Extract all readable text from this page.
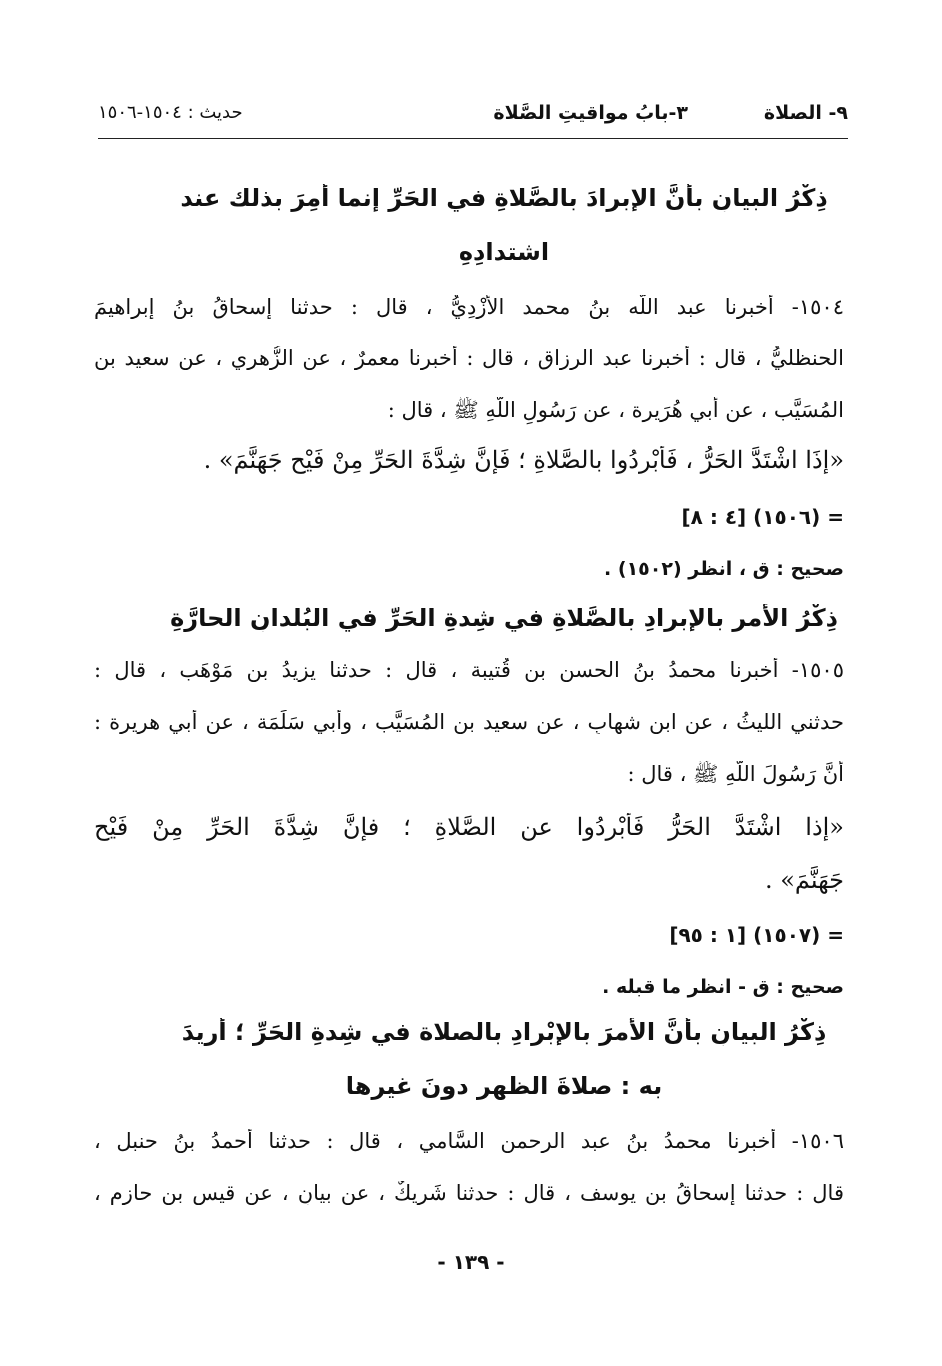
٩- الصلاة
٣-بابُ مواقيتِ الصَّلاة
حديث : ١٥٠٤-١٥٠٦
ذِكْرُ البيانِ بأنَّ الإِبرادَ بالصَّلاةِ في الحَرِّ إنما أُمِرَ بذلك عند
اشتدادِهِ
١٥٠٤- أخبرنا عبد اللَّه بنُ محمد الأزْدِيُّ ، قال : حدثنا إسحاقُ بنُ إبراهيمَ
الحنظليُّ ، قال : أخبرنا عبد الرزاق ، قال : أخبرنا معمرٌ ، عن الزُّهري ، عن سعيد بن
المُسَيَّب ، عن أبي هُرَيرة ، عن رَسُولِ اللَّهِ ﷺ ، قال :
«إِذَا اشْتَدَّ الحَرُّ ، فَأَبْرِدُوا بالصَّلاةِ ؛ فَإِنَّ شِدَّةَ الحَرِّ مِنْ فَيْحِ جَهَنَّمَ» .
= (١٥٠٦) [٤ : ٨]
صحيح : ق ، انظر (١٥٠٢) .
ذِكْرُ الأمرِ بالإِبرادِ بالصَّلاةِ في شِدةِ الحَرِّ في البُلدانِ الحارَّةِ
١٥٠٥- أخبرنا محمدُ بنُ الحسن بن قُتيبة ، قال : حدثنا يزيدُ بن مَوْهَب ، قال :
حدثني الليثُ ، عن ابن شهابٍ ، عن سعيد بن المُسَيَّب ، وأبي سَلَمَة ، عن أبي هريرة :
أَنَّ رَسُولَ اللَّهِ ﷺ ، قال :
«إذا اشْتَدَّ الحَرُّ فَأَبْرِدُوا عن الصَّلاةِ ؛ فإنَّ شِدَّةَ الحَرِّ مِنْ فَيْحِ
جَهَنَّمَ» .
= (١٥٠٧) [١ : ٩٥]
صحيح : ق - انظر ما قبله .
ذِكْرُ البيانِ بأنَّ الأمرَ بالإِبْرادِ بالصلاة في شِدةِ الحَرِّ ؛ أُريدَ
به : صلاةَ الظهر دونَ غيرِها
١٥٠٦- أخبرنا محمدُ بنُ عبد الرحمن السَّامي ، قال : حدثنا أحمدُ بنُ حنبل ،
قال : حدثنا إسحاقُ بن يوسف ، قال : حدثنا شَرِيكٌ ، عن بيانٍ ، عن قيس بنِ حازم ،
- ١٣٩ -
